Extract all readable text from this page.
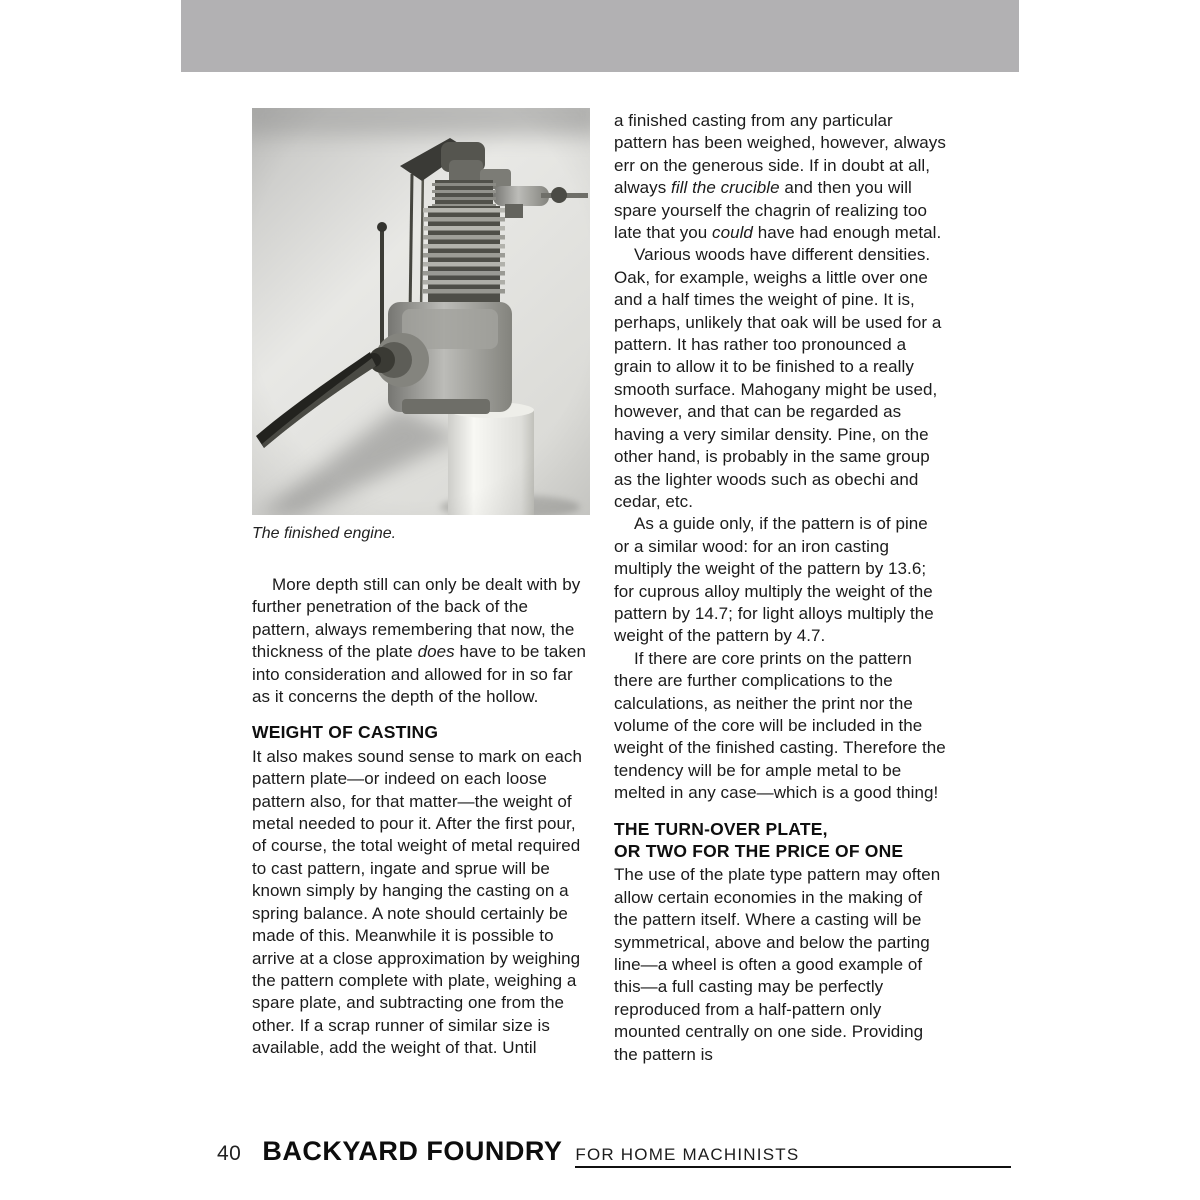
The finished engine.

More depth still can only be dealt with by further penetration of the back of the pattern, always remembering that now, the thickness of the plate does have to be taken into consideration and allowed for in so far as it concerns the depth of the hollow.

WEIGHT OF CASTING

It also makes sound sense to mark on each pattern plate—or indeed on each loose pattern also, for that matter—the weight of metal needed to pour it. After the first pour, of course, the total weight of metal required to cast pattern, ingate and sprue will be known simply by hanging the casting on a spring balance. A note should certainly be made of this. Meanwhile it is possible to arrive at a close approximation by weighing the pattern complete with plate, weighing a spare plate, and subtracting one from the other. If a scrap runner of similar size is available, add the weight of that. Until

a finished casting from any particular pattern has been weighed, however, always err on the generous side. If in doubt at all, always fill the crucible and then you will spare yourself the chagrin of realizing too late that you could have had enough metal.

Various woods have different densities. Oak, for example, weighs a little over one and a half times the weight of pine. It is, perhaps, unlikely that oak will be used for a pattern. It has rather too pronounced a grain to allow it to be finished to a really smooth surface. Mahogany might be used, however, and that can be regarded as having a very similar density. Pine, on the other hand, is probably in the same group as the lighter woods such as obechi and cedar, etc.

As a guide only, if the pattern is of pine or a similar wood: for an iron casting multiply the weight of the pattern by 13.6; for cuprous alloy multiply the weight of the pattern by 14.7; for light alloys multiply the weight of the pattern by 4.7.

If there are core prints on the pattern there are further complications to the calculations, as neither the print nor the volume of the core will be included in the weight of the finished casting. Therefore the tendency will be for ample metal to be melted in any case—which is a good thing!

THE TURN-OVER PLATE,
OR TWO FOR THE PRICE OF ONE

The use of the plate type pattern may often allow certain economies in the making of the pattern itself. Where a casting will be symmetrical, above and below the parting line—a wheel is often a good example of this—a full casting may be perfectly reproduced from a half-pattern only mounted centrally on one side. Providing the pattern is

40 BACKYARD FOUNDRY FOR HOME MACHINISTS
